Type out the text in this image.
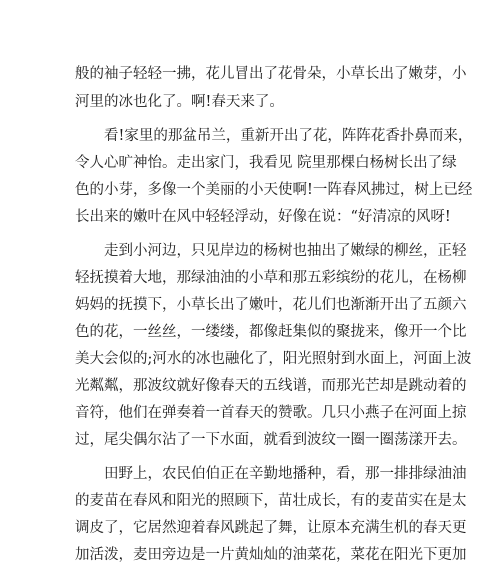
般的袖子轻轻一拂，花儿冒出了花骨朵，小草长出了嫩芽，小
河里的冰也化了。啊!春天来了。
看!家里的那盆吊兰，重新开出了花，阵阵花香扑鼻而来，
令人心旷神怡。走出家门，我看见 院里那棵白杨树长出了绿
色的小芽，多像一个美丽的小天使啊!一阵春风拂过，树上已经
长出来的嫩叶在风中轻轻浮动，好像在说：“好清凉的风呀!
走到小河边，只见岸边的杨树也抽出了嫩绿的柳丝，正轻
轻抚摸着大地，那绿油油的小草和那五彩缤纷的花儿，在杨柳
妈妈的抚摸下，小草长出了嫩叶，花儿们也渐渐开出了五颜六
色的花，一丝丝，一缕缕，都像赶集似的聚拢来，像开一个比
美大会似的;河水的冰也融化了，阳光照射到水面上，河面上波
光粼粼，那波纹就好像春天的五线谱，而那光芒却是跳动着的
音符，他们在弹奏着一首春天的赞歌。几只小燕子在河面上掠
过，尾尖偶尔沾了一下水面，就看到波纹一圈一圈荡漾开去。
田野上，农民伯伯正在辛勤地播种，看，那一排排绿油油
的麦苗在春风和阳光的照顾下，苗壮成长，有的麦苗实在是太
调皮了，它居然迎着春风跳起了舞，让原本充满生机的春天更
加活泼，麦田旁边是一片黄灿灿的油菜花，菜花在阳光下更加
